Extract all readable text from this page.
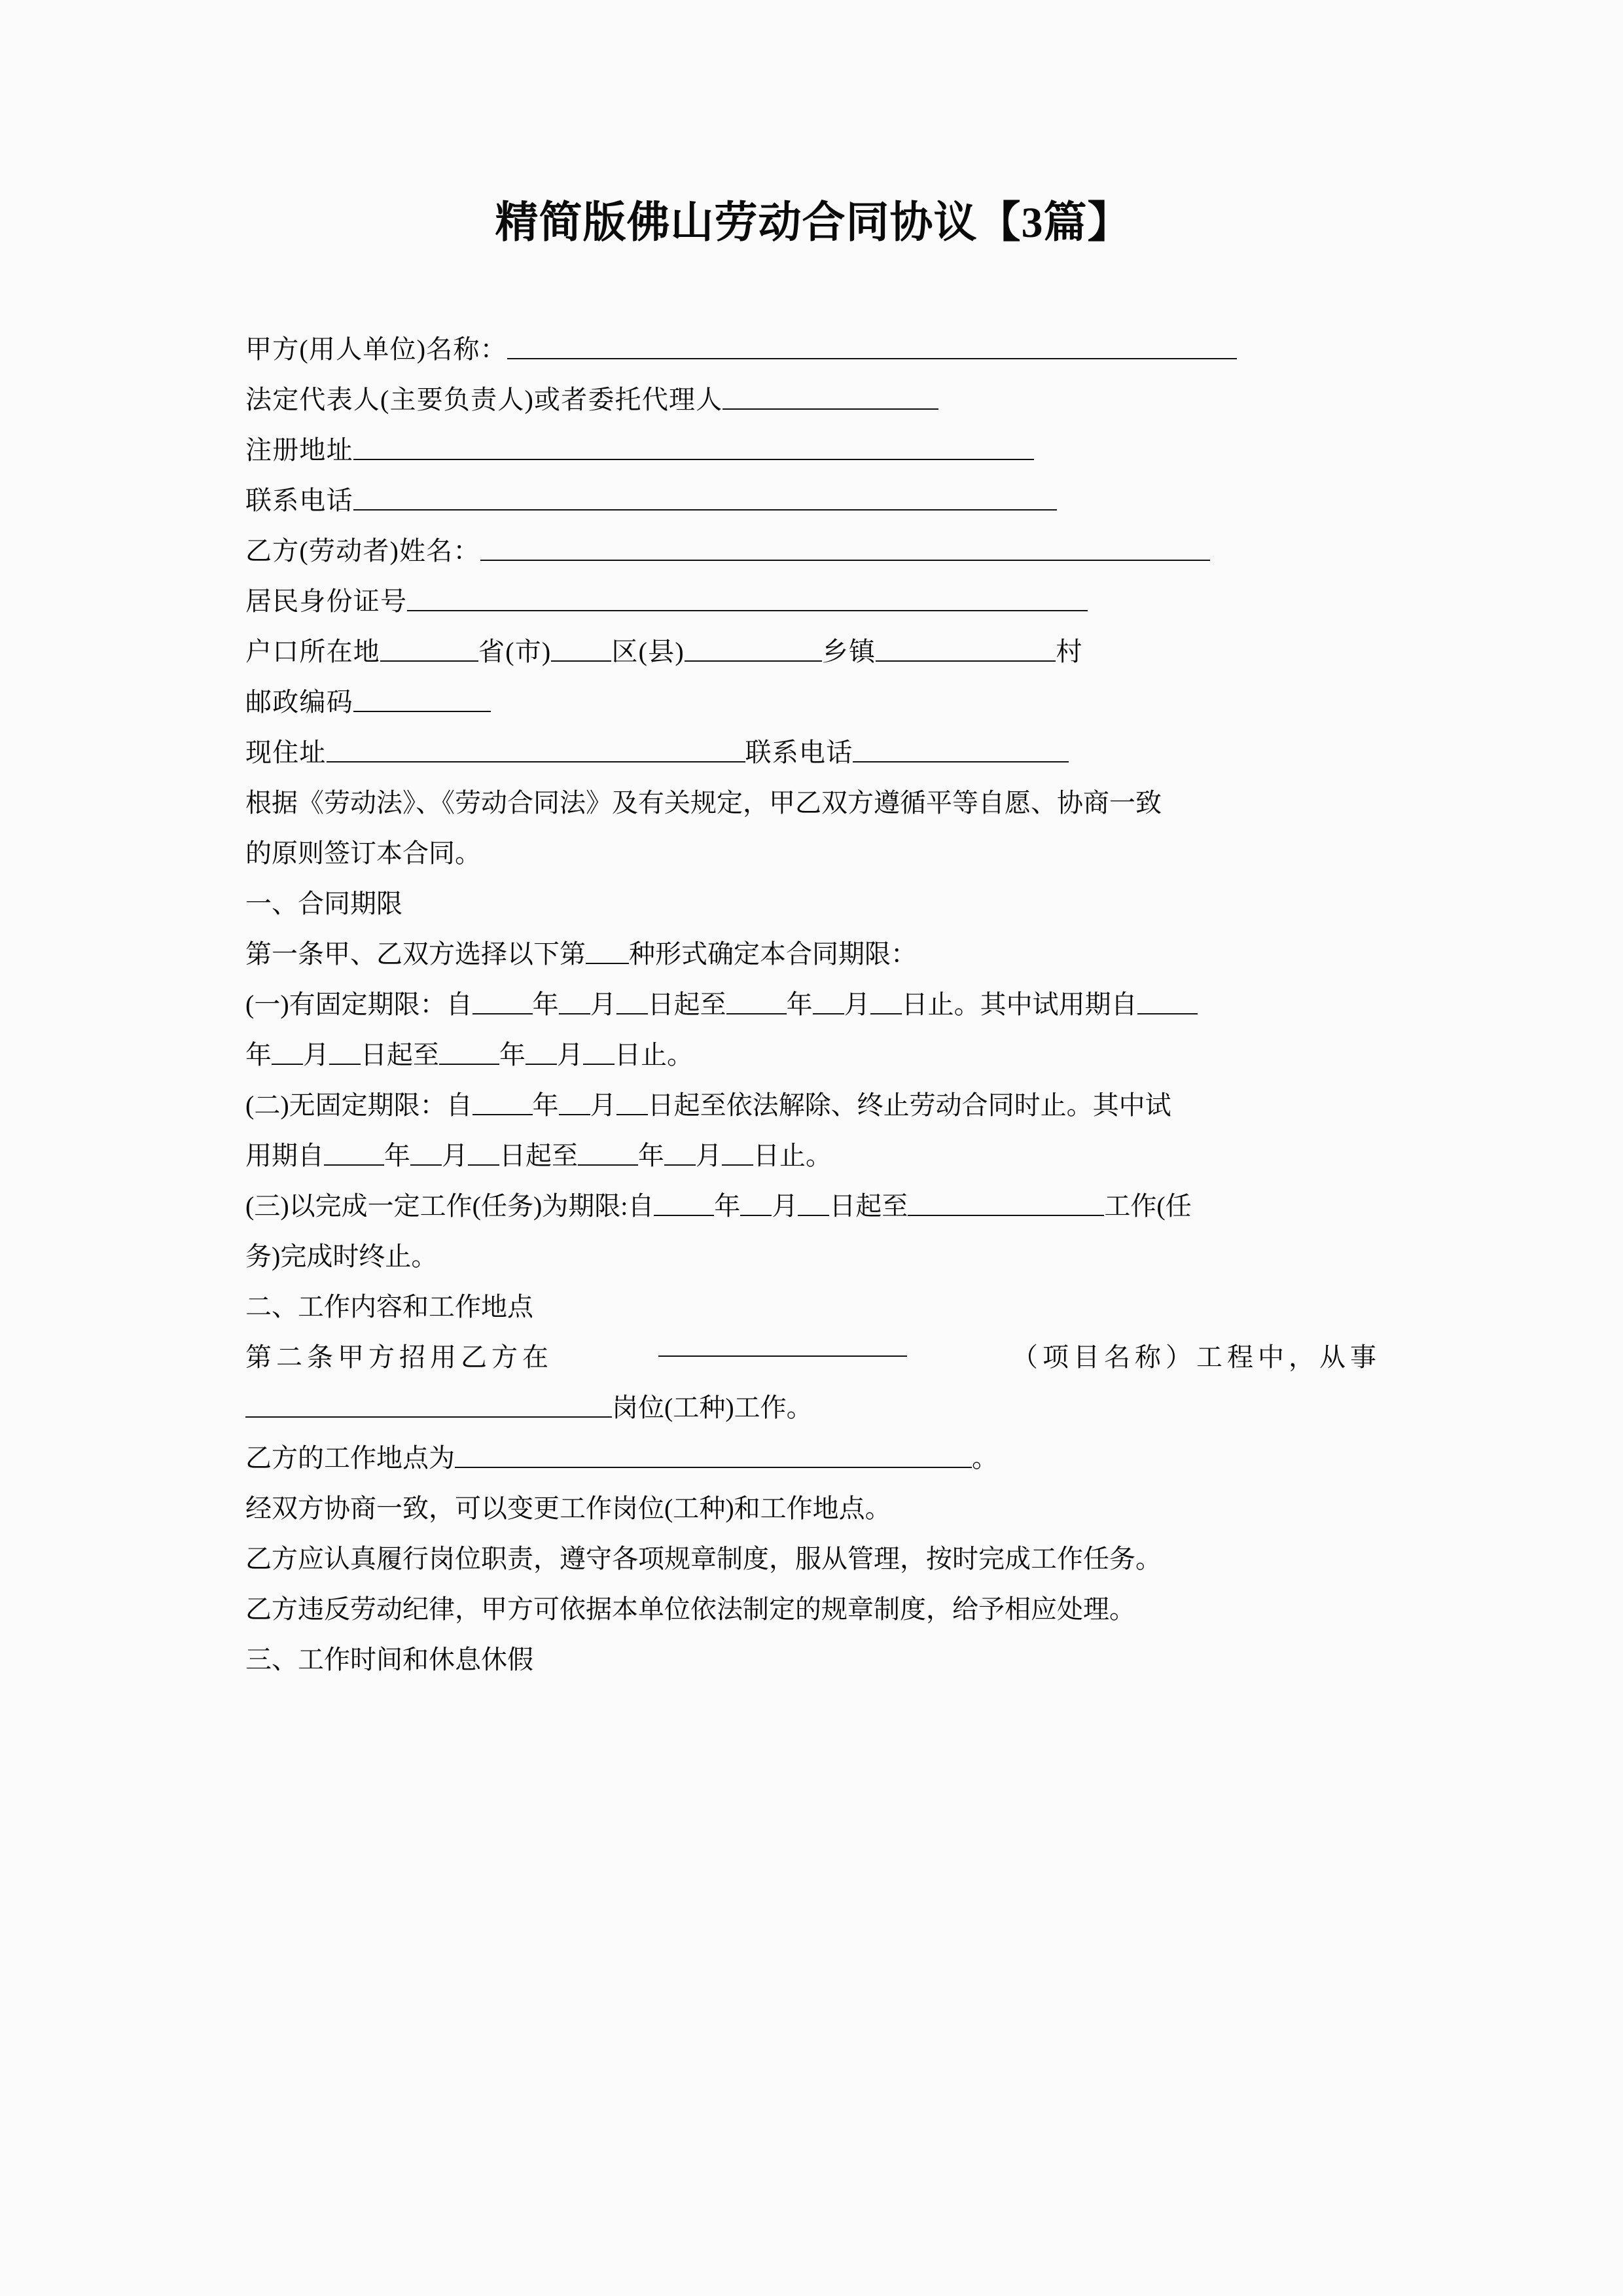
精简版佛山劳动合同协议【3篇】
甲方(用人单位)名称：
法定代表人(主要负责人)或者委托代理人
注册地址
联系电话
乙方(劳动者)姓名：
居民身份证号
户口所在地	省(市) 区(县)	乡镇	村
邮政编码
现住址	联系电话
根据《劳动法》、《劳动合同法》及有关规定，甲乙双方遵循平等自愿、协商一致
的原则签订本合同。
一、合同期限
第一条甲、乙双方选择以下第 种形式确定本合同期限：
(一)有固定期限：自 年 月 日起至 年 月 日止。其中试用期自
年 月 日起至 年 月 日止。
(二)无固定期限：自 年 月 日起至依法解除、终止劳动合同时止。其中试
用期自 年 月 日起至 年 月 日止。
(三)以完成一定工作(任务)为期限:自 年 月 日起至	工作(任
务)完成时终止。
二、工作内容和工作地点
第二条甲方招用乙方在	（项目名称）工程中，从事
岗位(工种)工作。
乙方的工作地点为	。
经双方协商一致，可以变更工作岗位(工种)和工作地点。
乙方应认真履行岗位职责，遵守各项规章制度，服从管理，按时完成工作任务。
乙方违反劳动纪律，甲方可依据本单位依法制定的规章制度，给予相应处理。
三、工作时间和休息休假
